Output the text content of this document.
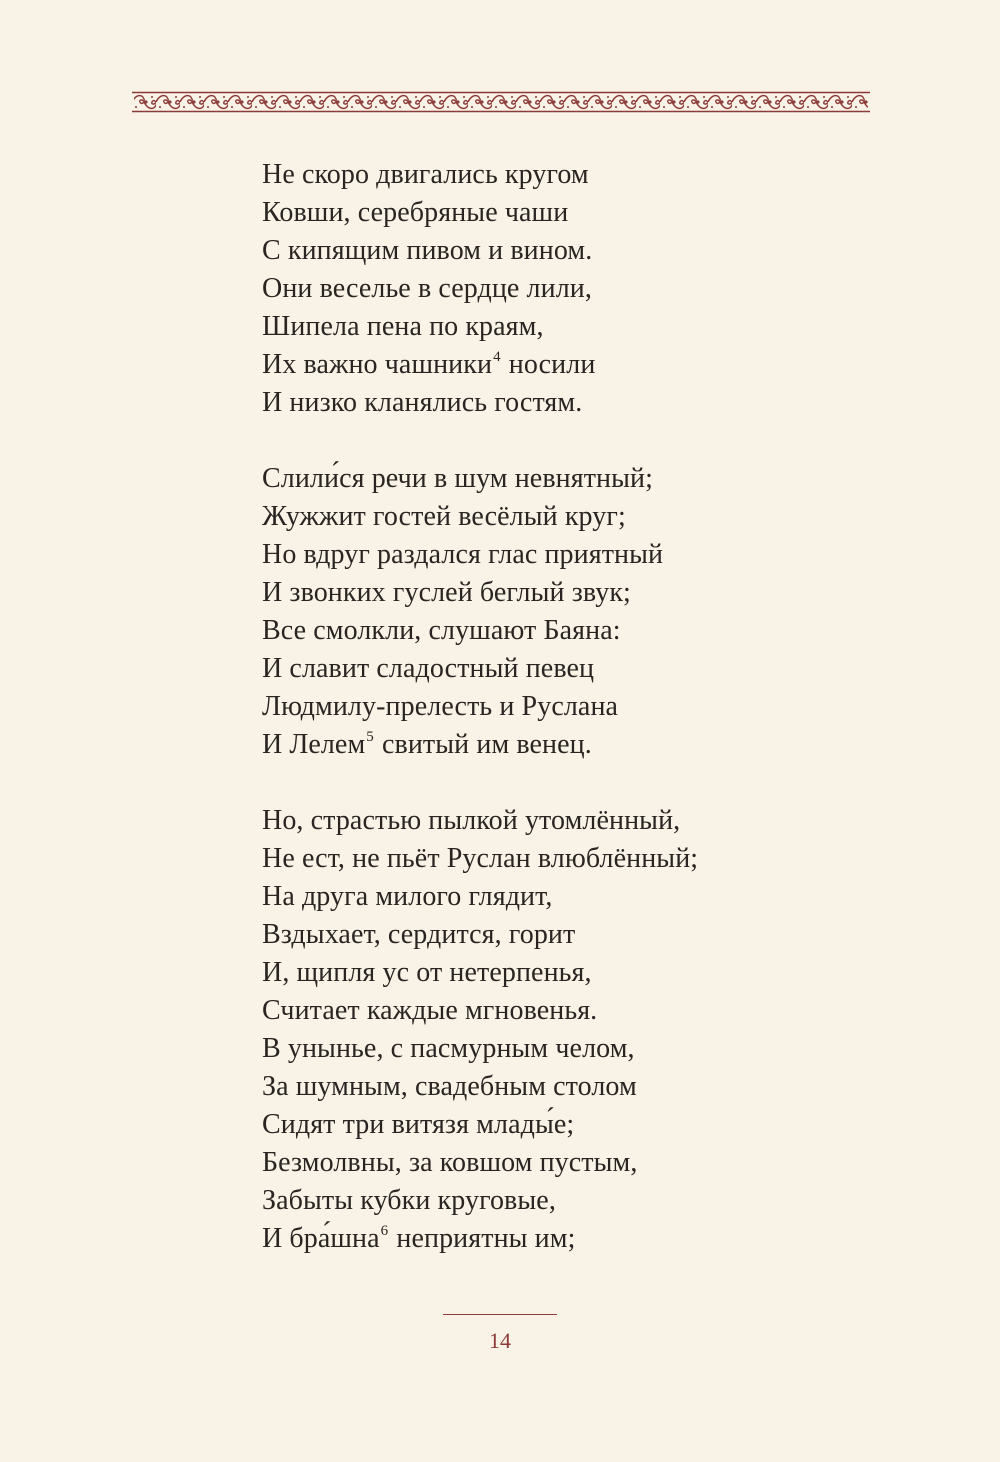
Не скоро двигались кругом
Ковши, серебряные чаши
С кипящим пивом и вином.
Они веселье в сердце лили,
Шипела пена по краям,
Их важно чашники$^4$ носили
И низко кланялись гостям.
Слили́ся речи в шум невнятный;
Жужжит гостей весёлый круг;
Но вдруг раздался глас приятный
И звонких гуслей беглый звук;
Все смолкли, слушают Баяна:
И славит сладостный певец
Людмилу-прелесть и Руслана
И Лелем$^5$ свитый им венец.
Но, страстью пылкой утомлённый,
Не ест, не пьёт Руслан влюблённый;
На друга милого глядит,
Вздыхает, сердится, горит
И, щипля ус от нетерпенья,
Считает каждые мгновенья.
В унынье, с пасмурным челом,
За шумным, свадебным столом
Сидят три витязя млады́е;
Безмолвны, за ковшом пустым,
Забыты кубки круговые,
И бра́шна$^6$ неприятны им;
14
